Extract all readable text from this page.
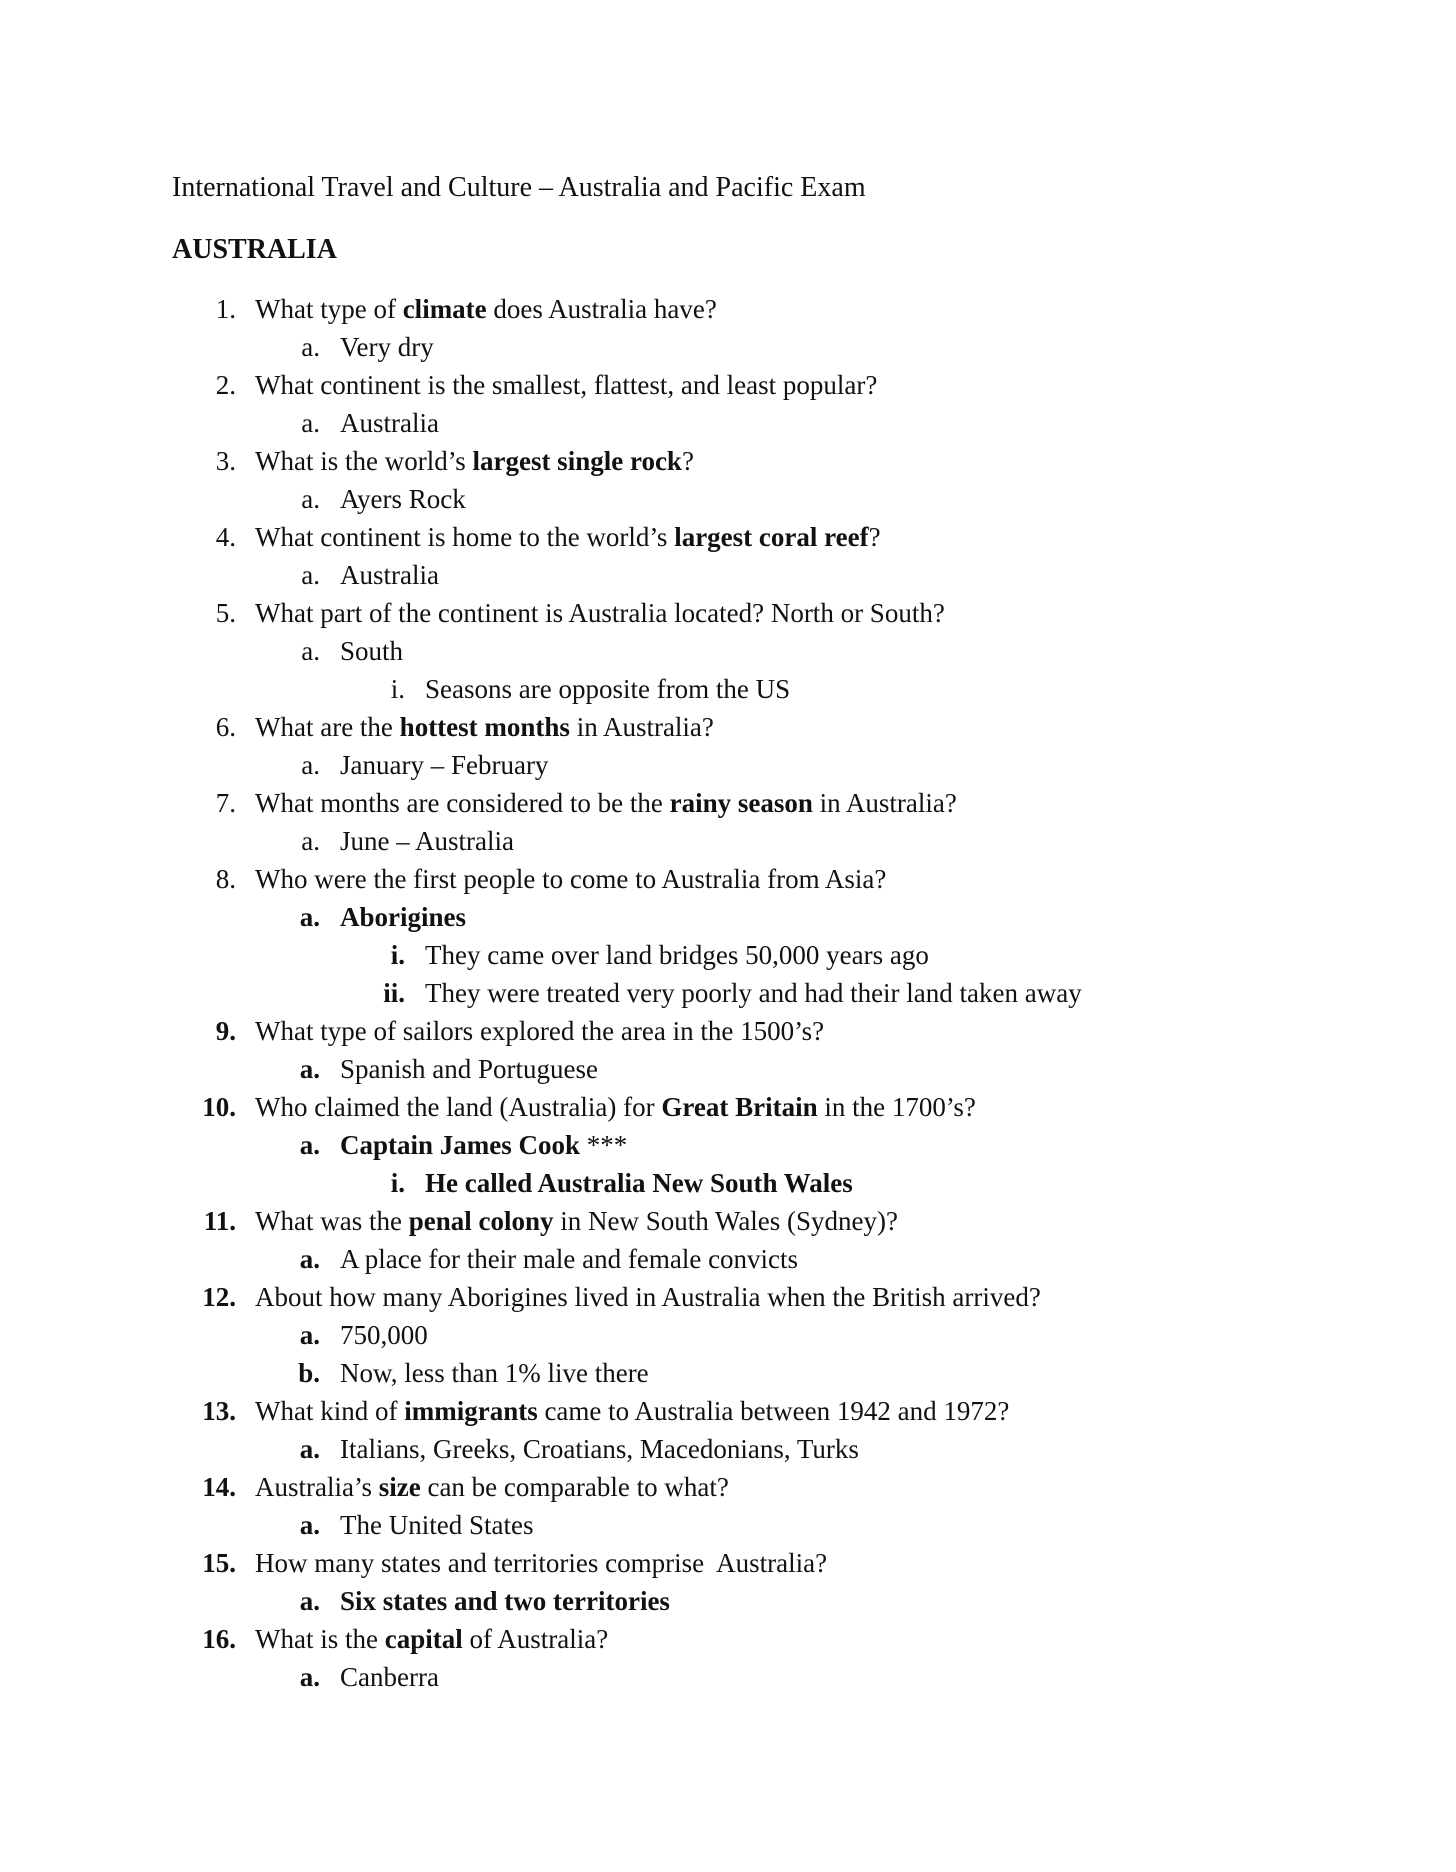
International Travel and Culture – Australia and Pacific Exam
AUSTRALIA
1. What type of climate does Australia have?
a. Very dry
2. What continent is the smallest, flattest, and least popular?
a. Australia
3. What is the world’s largest single rock?
a. Ayers Rock
4. What continent is home to the world’s largest coral reef?
a. Australia
5. What part of the continent is Australia located? North or South?
a. South
i. Seasons are opposite from the US
6. What are the hottest months in Australia?
a. January – February
7. What months are considered to be the rainy season in Australia?
a. June – Australia
8. Who were the first people to come to Australia from Asia?
a. Aborigines
i. They came over land bridges 50,000 years ago
ii. They were treated very poorly and had their land taken away
9. What type of sailors explored the area in the 1500’s?
a. Spanish and Portuguese
10. Who claimed the land (Australia) for Great Britain in the 1700’s?
a. Captain James Cook ***
i. He called Australia New South Wales
11. What was the penal colony in New South Wales (Sydney)?
a. A place for their male and female convicts
12. About how many Aborigines lived in Australia when the British arrived?
a. 750,000
b. Now, less than 1% live there
13. What kind of immigrants came to Australia between 1942 and 1972?
a. Italians, Greeks, Croatians, Macedonians, Turks
14. Australia’s size can be comparable to what?
a. The United States
15. How many states and territories comprise  Australia?
a. Six states and two territories
16. What is the capital of Australia?
a. Canberra
